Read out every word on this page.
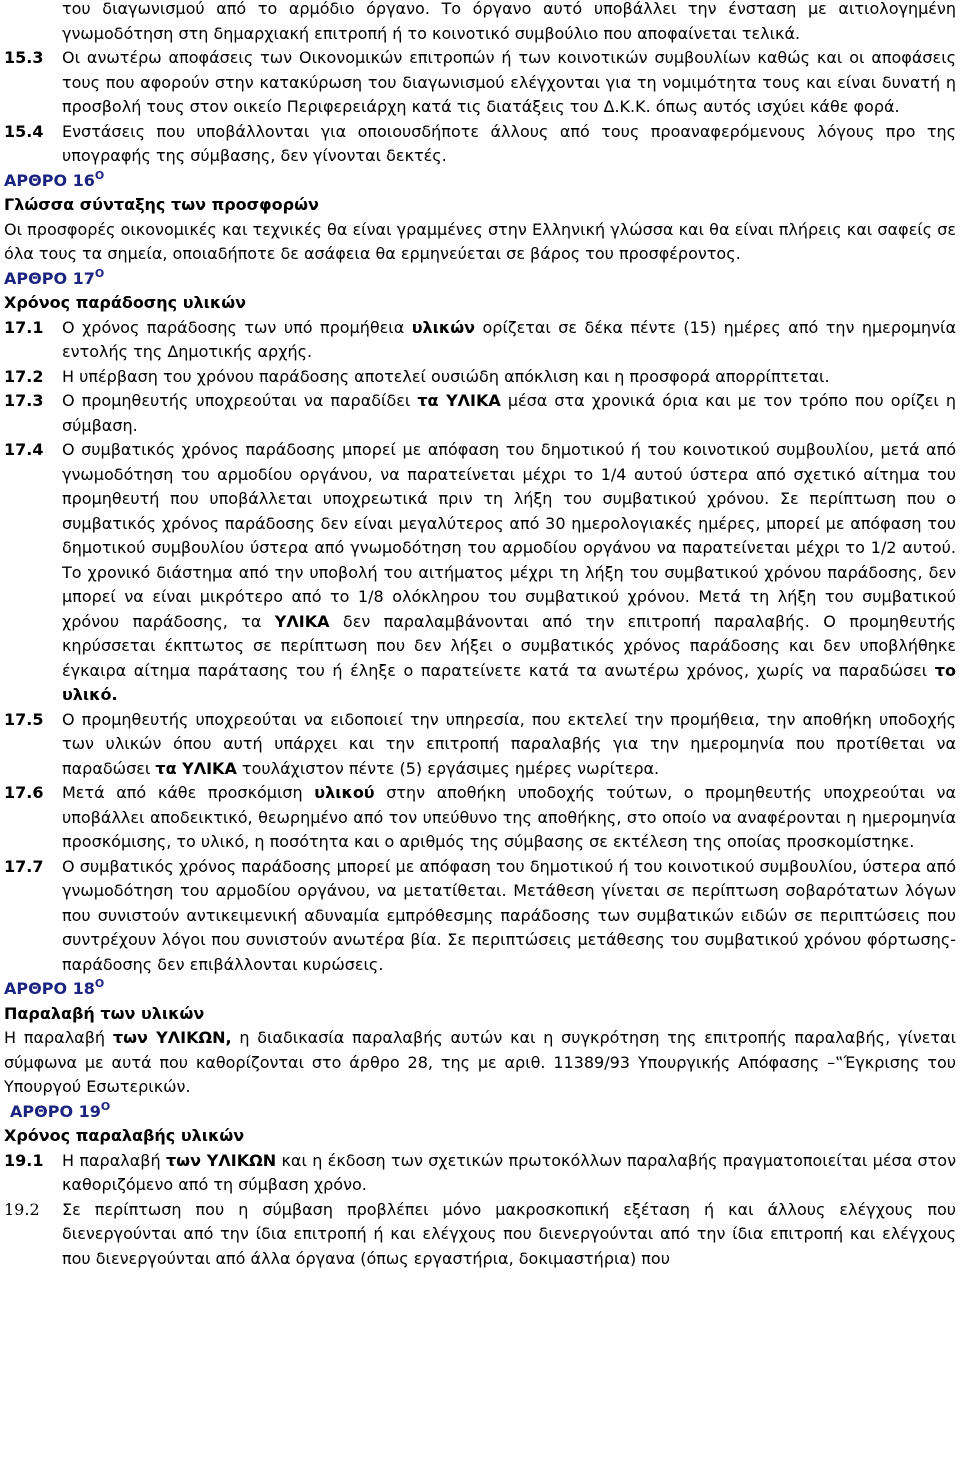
του διαγωνισμού από το αρμόδιο όργανο. Το όργανο αυτό υποβάλλει την ένσταση με αιτιολογημένη γνωμοδότηση στη δημαρχιακή επιτροπή ή το κοινοτικό συμβούλιο που αποφαίνεται τελικά.

15.3 Οι ανωτέρω αποφάσεις των Οικονομικών επιτροπών ή των κοινοτικών συμβουλίων καθώς και οι αποφάσεις τους που αφορούν στην κατακύρωση του διαγωνισμού ελέγχονται για τη νομιμότητα τους και είναι δυνατή η προσβολή τους στον οικείο Περιφερειάρχη κατά τις διατάξεις του Δ.Κ.Κ. όπως αυτός ισχύει κάθε φορά.
15.4 Ενστάσεις που υποβάλλονται για οποιουσδήποτε άλλους από τους προαναφερόμενους λόγους προ της υπογραφής της σύμβασης, δεν γίνονται δεκτές.

ΑΡΘΡΟ $16^O$

Γλώσσα σύνταξης των προσφορών

Οι προσφορές οικονομικές και τεχνικές θα είναι γραμμένες στην Ελληνική γλώσσα και θα είναι πλήρεις και σαφείς σε όλα τους τα σημεία, οποιαδήποτε δε ασάφεια θα ερμηνεύεται σε βάρος του προσφέροντος.

ΑΡΘΡΟ $17^O$

Χρόνος παράδοσης υλικών

17.1 Ο χρόνος παράδοσης των υπό προμήθεια υλικών ορίζεται σε δέκα πέντε (15) ημέρες από την ημερομηνία εντολής της Δημοτικής αρχής.
17.2 Η υπέρβαση του χρόνου παράδοσης αποτελεί ουσιώδη απόκλιση και η προσφορά απορρίπτεται.
17.3 Ο προμηθευτής υποχρεούται να παραδίδει τα ΥΛΙΚΑ μέσα στα χρονικά όρια και με τον τρόπο που ορίζει η σύμβαση.
17.4 Ο συμβατικός χρόνος παράδοσης μπορεί με απόφαση του δημοτικού ή του κοινοτικού συμβουλίου, μετά από γνωμοδότηση του αρμοδίου οργάνου, να παρατείνεται μέχρι το 1/4 αυτού ύστερα από σχετικό αίτημα του προμηθευτή που υποβάλλεται υποχρεωτικά πριν τη λήξη του συμβατικού χρόνου. Σε περίπτωση που ο συμβατικός χρόνος παράδοσης δεν είναι μεγαλύτερος από 30 ημερολογιακές ημέρες, μπορεί με απόφαση του δημοτικού συμβουλίου ύστερα από γνωμοδότηση του αρμοδίου οργάνου να παρατείνεται μέχρι το 1/2 αυτού. Το χρονικό διάστημα από την υποβολή του αιτήματος μέχρι τη λήξη του συμβατικού χρόνου παράδοσης, δεν μπορεί να είναι μικρότερο από το 1/8 ολόκληρου του συμβατικού χρόνου. Μετά τη λήξη του συμβατικού χρόνου παράδοσης, τα ΥΛΙΚΑ δεν παραλαμβάνονται από την επιτροπή παραλαβής. Ο προμηθευτής κηρύσσεται έκπτωτος σε περίπτωση που δεν λήξει ο συμβατικός χρόνος παράδοσης και δεν υποβλήθηκε έγκαιρα αίτημα παράτασης του ή έληξε ο παρατείνετε κατά τα ανωτέρω χρόνος, χωρίς να παραδώσει το υλικό.
17.5 Ο προμηθευτής υποχρεούται να ειδοποιεί την υπηρεσία, που εκτελεί την προμήθεια, την αποθήκη υποδοχής των υλικών όπου αυτή υπάρχει και την επιτροπή παραλαβής για την ημερομηνία που προτίθεται να παραδώσει τα ΥΛΙΚΑ τουλάχιστον πέντε (5) εργάσιμες ημέρες νωρίτερα.
17.6 Μετά από κάθε προσκόμιση υλικού στην αποθήκη υποδοχής τούτων, ο προμηθευτής υποχρεούται να υποβάλλει αποδεικτικό, θεωρημένο από τον υπεύθυνο της αποθήκης, στο οποίο να αναφέρονται η ημερομηνία προσκόμισης, το υλικό, η ποσότητα και ο αριθμός της σύμβασης σε εκτέλεση της οποίας προσκομίστηκε.
17.7 Ο συμβατικός χρόνος παράδοσης μπορεί με απόφαση του δημοτικού ή του κοινοτικού συμβουλίου, ύστερα από γνωμοδότηση του αρμοδίου οργάνου, να μετατίθεται. Μετάθεση γίνεται σε περίπτωση σοβαρότατων λόγων που συνιστούν αντικειμενική αδυναμία εμπρόθεσμης παράδοσης των συμβατικών ειδών σε περιπτώσεις που συντρέχουν λόγοι που συνιστούν ανωτέρα βία. Σε περιπτώσεις μετάθεσης του συμβατικού χρόνου φόρτωσης-παράδοσης δεν επιβάλλονται κυρώσεις.

ΑΡΘΡΟ $18^O$

Παραλαβή των υλικών

Η παραλαβή των ΥΛΙΚΩΝ, η διαδικασία παραλαβής αυτών και η συγκρότηση της επιτροπής παραλαβής, γίνεται σύμφωνα με αυτά που καθορίζονται στο άρθρο 28, της με αριθ. 11389/93 Υπουργικής Απόφασης –‟Έγκρισης του Υπουργού Εσωτερικών.

ΑΡΘΡΟ $19^O$

Χρόνος παραλαβής υλικών

19.1 Η παραλαβή των ΥΛΙΚΩΝ και η έκδοση των σχετικών πρωτοκόλλων παραλαβής πραγματοποιείται μέσα στον καθοριζόμενο από τη σύμβαση χρόνο.
19.2 Σε περίπτωση που η σύμβαση προβλέπει μόνο μακροσκοπική εξέταση ή και άλλους ελέγχους που διενεργούνται από την ίδια επιτροπή ή και ελέγχους που διενεργούνται από την ίδια επιτροπή και ελέγχους που διενεργούνται από άλλα όργανα (όπως εργαστήρια, δοκιμαστήρια) που
